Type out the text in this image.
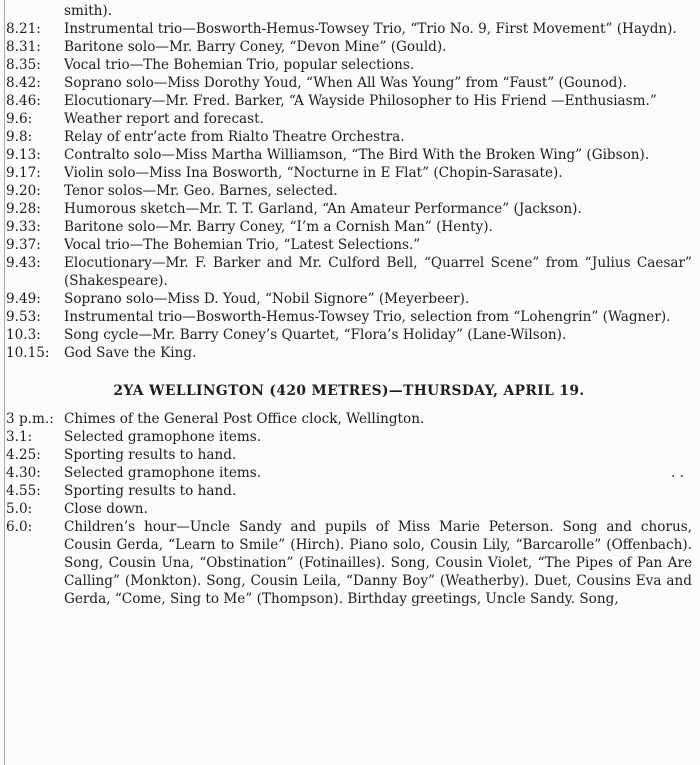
smith).
8.21:	Instrumental trio—Bosworth-Hemus-Towsey Trio, “Trio No. 9, First Movement” (Haydn).
8.31:	Baritone solo—Mr. Barry Coney, “Devon Mine” (Gould).
8.35:	Vocal trio—The Bohemian Trio, popular selections.
8.42:	Soprano solo—Miss Dorothy Youd, “When All Was Young” from “Faust” (Gounod).
8.46:	Elocutionary—Mr. Fred. Barker, “A Wayside Philosopher to His Friend —Enthusiasm.”
9.6:	Weather report and forecast.
9.8:	Relay of entr’acte from Rialto Theatre Orchestra.
9.13:	Contralto solo—Miss Martha Williamson, “The Bird With the Broken Wing” (Gibson).
9.17:	Violin solo—Miss Ina Bosworth, “Nocturne in E Flat” (Chopin-Sarasate).
9.20:	Tenor solos—Mr. Geo. Barnes, selected.
9.28:	Humorous sketch—Mr. T. T. Garland, “An Amateur Performance” (Jackson).
9.33:	Baritone solo—Mr. Barry Coney, “I’m a Cornish Man” (Henty).
9.37:	Vocal trio—The Bohemian Trio, “Latest Selections.”
9.43:	Elocutionary—Mr. F. Barker and Mr. Culford Bell, “Quarrel Scene” from “Julius Caesar” (Shakespeare).
9.49:	Soprano solo—Miss D. Youd, “Nobil Signore” (Meyerbeer).
9.53:	Instrumental trio—Bosworth-Hemus-Towsey Trio, selection from “Lohengrin” (Wagner).
10.3:	Song cycle—Mr. Barry Coney’s Quartet, “Flora’s Holiday” (Lane-Wilson).
10.15:	God Save the King.
2YA WELLINGTON (420 METRES)—THURSDAY, APRIL 19.
3 p.m.: Chimes of the General Post Office clock, Wellington.
3.1:	Selected gramophone items.
4.25:	Sporting results to hand.
4.30:	Selected gramophone items.	. .
4.55:	Sporting results to hand.
5.0:	Close down.
6.0:	Children’s hour—Uncle Sandy and pupils of Miss Marie Peterson. Song and chorus, Cousin Gerda, “Learn to Smile” (Hirch). Piano solo, Cousin Lily, “Barcarolle” (Offenbach). Song, Cousin Una, “Obstination” (Fotinailles). Song, Cousin Violet, “The Pipes of Pan Are Calling” (Monkton). Song, Cousin Leila, “Danny Boy” (Weatherby). Duet, Cousins Eva and Gerda, “Come, Sing to Me” (Thompson). Birthday greetings, Uncle Sandy. Song,
